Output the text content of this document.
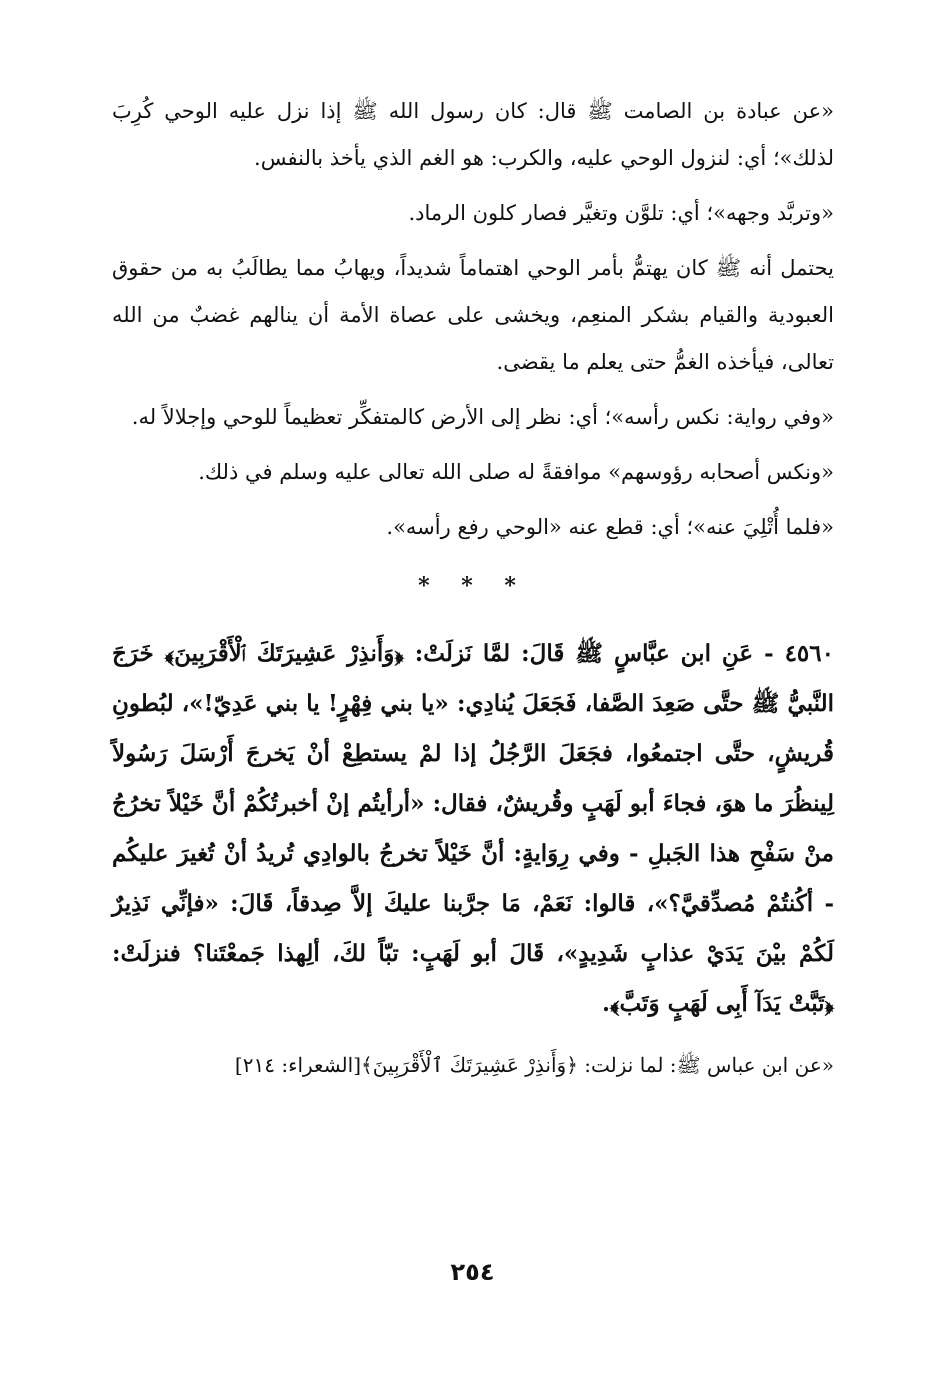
«عن عبادة بن الصامت ﷺ قال: كان رسول الله ﷺ إذا نزل عليه الوحي كُرِبَ لذلك»؛ أي: لنزول الوحي عليه، والكرب: هو الغم الذي يأخذ بالنفس.

«وتربَّد وجهه»؛ أي: تلوَّن وتغيَّر فصار كلون الرماد.

يحتمل أنه ﷺ كان يهتمُّ بأمر الوحي اهتماماً شديداً، ويهابُ مما يطالَبُ به من حقوق العبودية والقيام بشكر المنعِم، ويخشى على عصاة الأمة أن ينالهم غضبٌ من الله تعالى، فيأخذه الغمُّ حتى يعلم ما يقضى.

«وفي رواية: نكس رأسه»؛ أي: نظر إلى الأرض كالمتفكِّر تعظيماً للوحي وإجلالاً له.

«ونكس أصحابه رؤوسهم» موافقةً له صلى الله تعالى عليه وسلم في ذلك.

«فلما أُتْلِيَ عنه»؛ أي: قطع عنه «الوحي رفع رأسه».

* * *

٤٥٦٠ - عَنِ ابن عبَّاسٍ ﷺ قَالَ: لمَّا نَزلَتْ: ﴿وَأَنذِرْ عَشِيرَتَكَ ٱلْأَقْرَبِينَ﴾ خَرَجَ النَّبيُّ ﷺ حتَّى صَعِدَ الصَّفا، فَجَعَلَ يُنادِي: «يا بني فِهْرٍ! يا بني عَدِيّ!»، لبُطونِ قُريشٍ، حتَّى اجتمعُوا، فجَعَلَ الرَّجُلُ إذا لمْ يستطِعْ أنْ يَخرجَ أَرْسَلَ رَسُولاً لِينظُرَ ما هوَ، فجاءَ أبو لَهَبٍ وقُريشٌ، فقال: «أرأيتُم إنْ أخبرتُكُمْ أنَّ خَيْلاً تخرُجُ منْ سَفْحِ هذا الجَبلِ - وفي رِوَايةٍ: أنَّ خَيْلاً تخرجُ بالوادِي تُريدُ أنْ تُغيرَ عليكُم - أكُنتُمْ مُصدِّقيَّ؟»، قالوا: نَعَمْ، مَا جرَّبنا عليكَ إلاَّ صِدقاً، قَالَ: «فإنِّي نَذِيرٌ لَكُمْ بيْنَ يَدَيْ عذابٍ شَدِيدٍ»، قَالَ أبو لَهَبٍ: تبّاً لكَ، ألِهذا جَمعْتَنا؟ فنزلَتْ: ﴿تَبَّتْ يَدَآ أَبِى لَهَبٍ وَتَبَّ﴾.

«عن ابن عباس ﷺ: لما نزلت: ﴿وَأَنذِرْ عَشِيرَتَكَ ٱلْأَقْرَبِينَ﴾[الشعراء: ٢١٤]

٢٥٤
